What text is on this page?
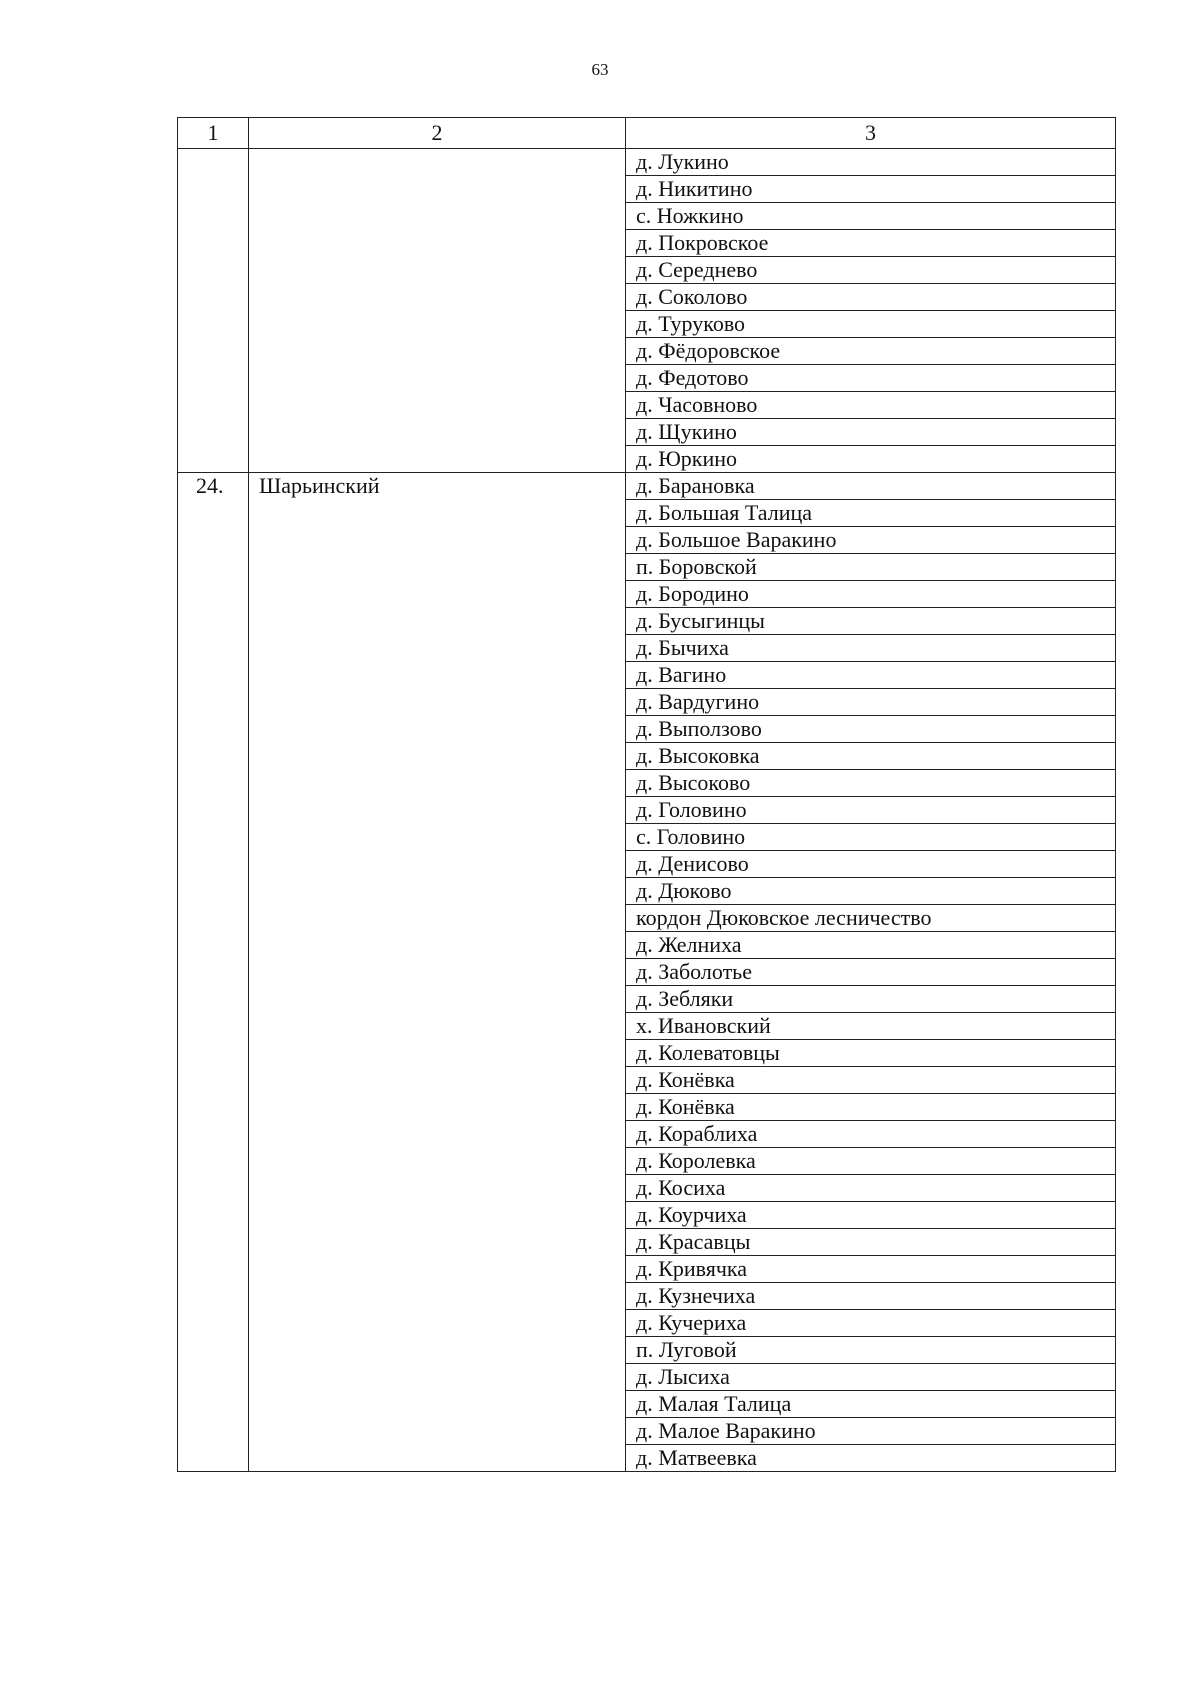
63
1	2	3
		д. Лукино
		д. Никитино
		с. Ножкино
		д. Покровское
		д. Середнево
		д. Соколово
		д. Туруково
		д. Фёдоровское
		д. Федотово
		д. Часовново
		д. Щукино
		д. Юркино
24.	Шарьинский	д. Барановка
		д. Большая Талица
		д. Большое Варакино
		п. Боровской
		д. Бородино
		д. Бусыгинцы
		д. Бычиха
		д. Вагино
		д. Вардугино
		д. Выползово
		д. Высоковка
		д. Высоково
		д. Головино
		с. Головино
		д. Денисово
		д. Дюково
		кордон Дюковское лесничество
		д. Желниха
		д. Заболотье
		д. Зебляки
		х. Ивановский
		д. Колеватовцы
		д. Конёвка
		д. Конёвка
		д. Кораблиха
		д. Королевка
		д. Косиха
		д. Коурчиха
		д. Красавцы
		д. Кривячка
		д. Кузнечиха
		д. Кучериха
		п. Луговой
		д. Лысиха
		д. Малая Талица
		д. Малое Варакино
		д. Матвеевка
